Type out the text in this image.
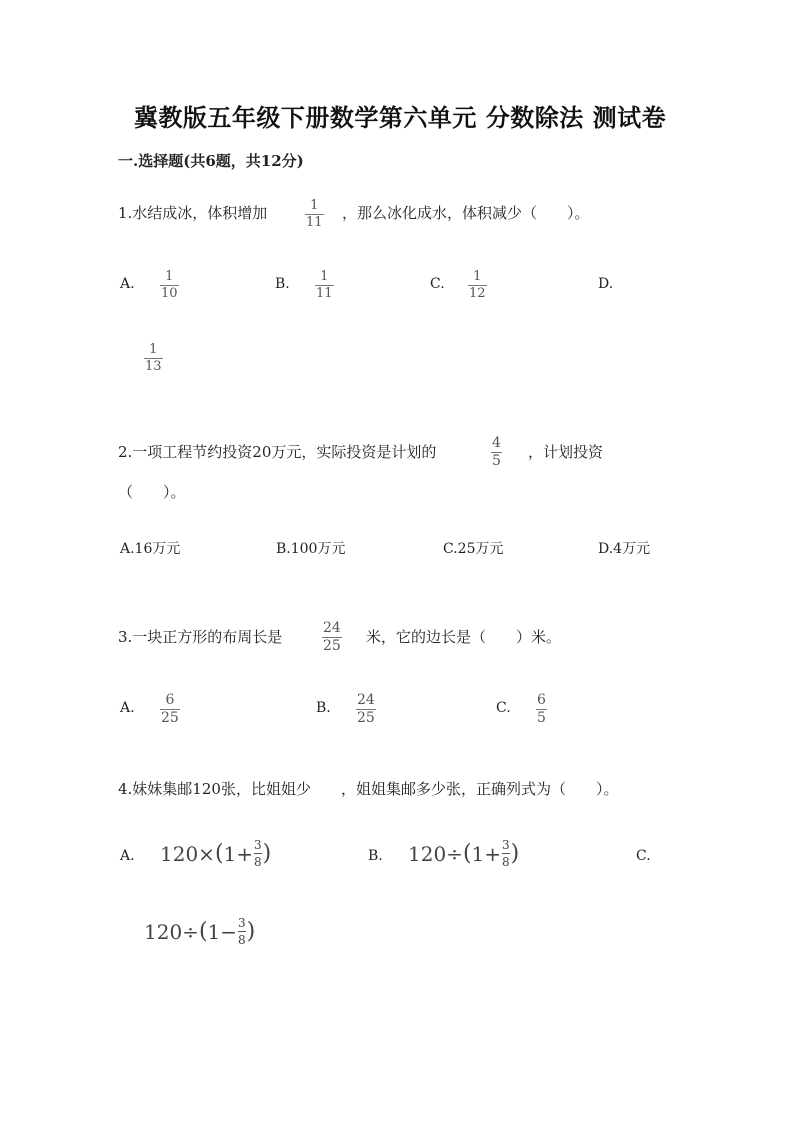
冀教版五年级下册数学第六单元 分数除法 测试卷
一.选择题(共6题，共12分)
1.水结成冰，体积增加	1
11
，那么冰化成水，体积减少（　　）。
A. 1
10
B. 1
11
C. 1
12
D.
1
13
2.一项工程节约投资20万元，实际投资是计划的	4
5 ，计划投资
（　　）。
A.16万元	B.100万元	C.25万元	D.4万元
3.一块正方形的布周长是	24
25 米，它的边长是（　　）米。
A. 6
25
B. 24
25
C. 6
5
4.妹妹集邮120张，比姐姐少　　，姐姐集邮多少张，正确列式为（　　）。
A. 120× ( 1+ 3
8 )	B. 120÷ ( 1+ 3
8 )	C.
120÷ ( 1− 3
8 )
